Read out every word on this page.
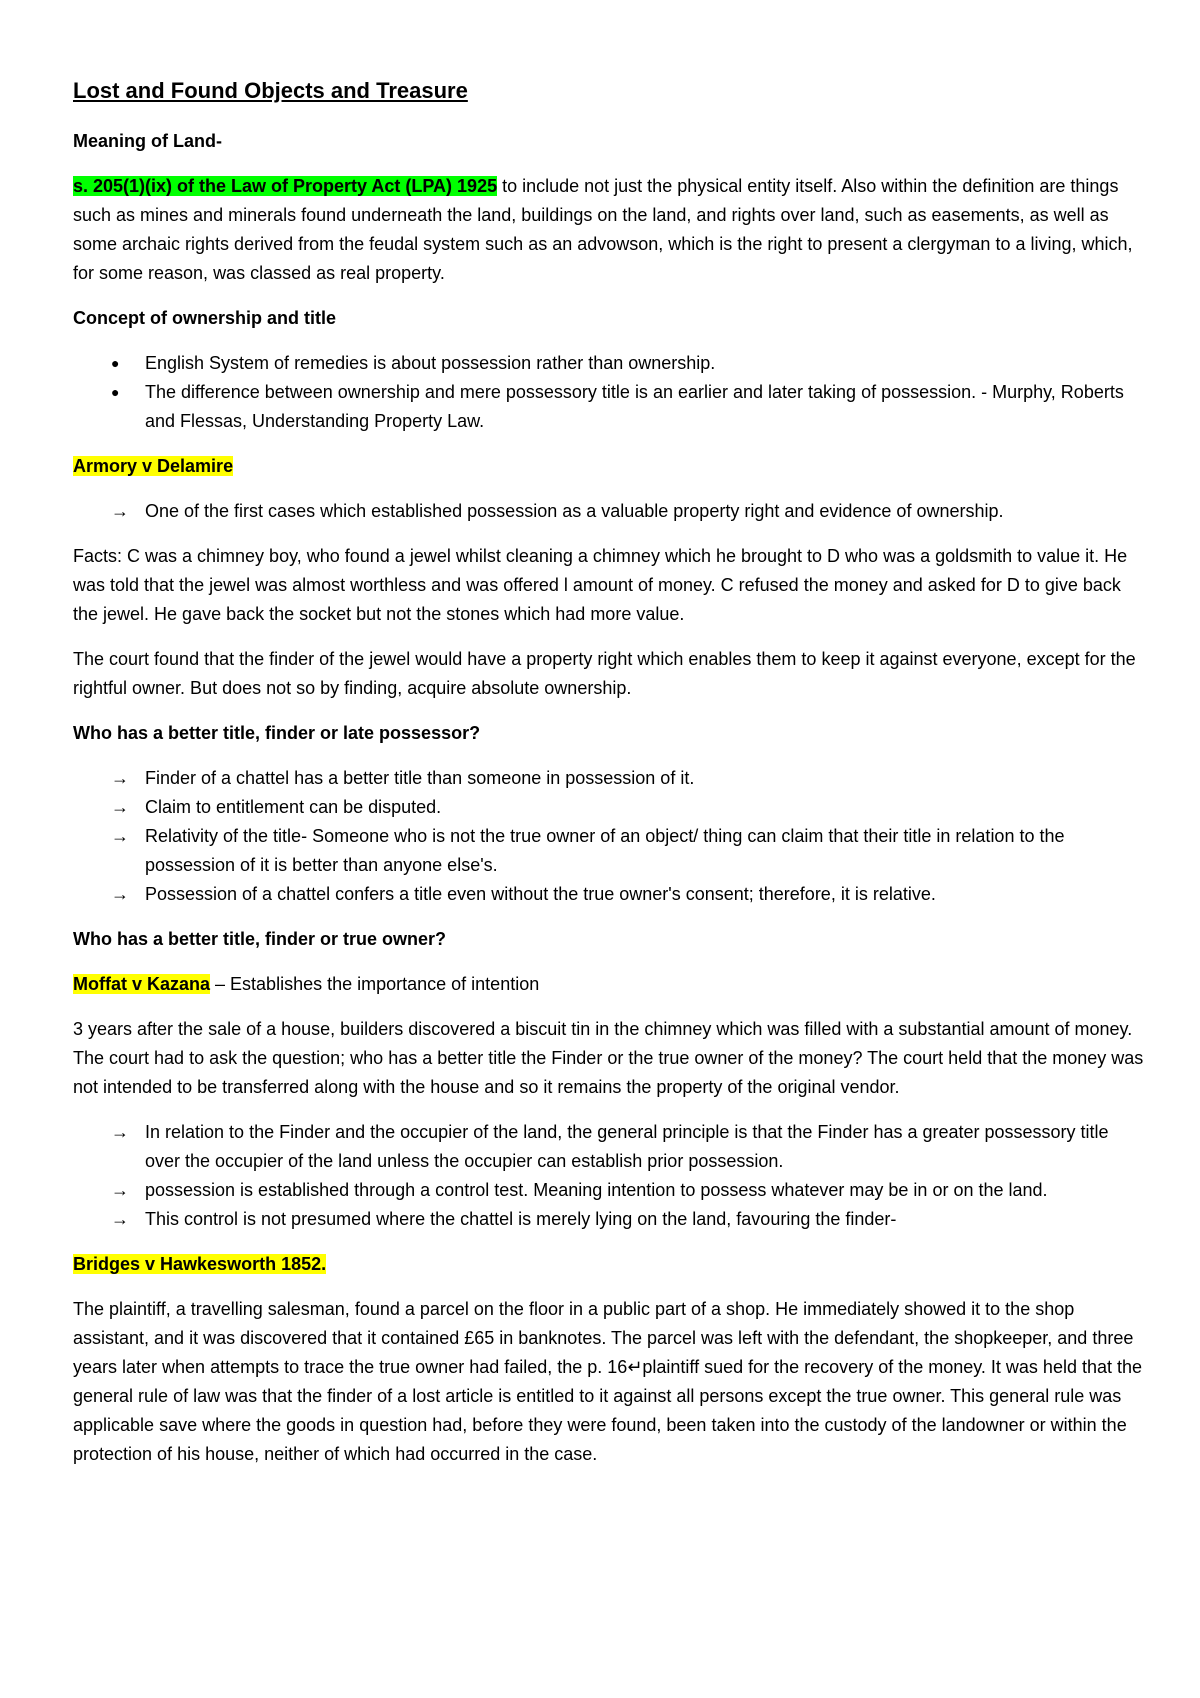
Lost and Found Objects and Treasure

Meaning of Land-

s. 205(1)(ix) of the Law of Property Act (LPA) 1925 to include not just the physical entity itself. Also within the definition are things such as mines and minerals found underneath the land, buildings on the land, and rights over land, such as easements, as well as some archaic rights derived from the feudal system such as an advowson, which is the right to present a clergyman to a living, which, for some reason, was classed as real property.

Concept of ownership and title

●	English System of remedies is about possession rather than ownership.
●	The difference between ownership and mere possessory title is an earlier and later taking of possession. - Murphy, Roberts and Flessas, Understanding Property Law.

Armory v Delamire

→ One of the first cases which established possession as a valuable property right and evidence of ownership.

Facts: C was a chimney boy, who found a jewel whilst cleaning a chimney which he brought to D who was a goldsmith to value it. He was told that the jewel was almost worthless and was offered l amount of money. C refused the money and asked for D to give back the jewel. He gave back the socket but not the stones which had more value.

The court found that the finder of the jewel would have a property right which enables them to keep it against everyone, except for the rightful owner. But does not so by finding, acquire absolute ownership.

Who has a better title, finder or late possessor?

→ Finder of a chattel has a better title than someone in possession of it.
→ Claim to entitlement can be disputed.
→ Relativity of the title- Someone who is not the true owner of an object/ thing can claim that their title in relation to the possession of it is better than anyone else's.
→ Possession of a chattel confers a title even without the true owner's consent; therefore, it is relative.

Who has a better title, finder or true owner?

Moffat v Kazana – Establishes the importance of intention

3 years after the sale of a house, builders discovered a biscuit tin in the chimney which was filled with a substantial amount of money. The court had to ask the question; who has a better title the Finder or the true owner of the money? The court held that the money was not intended to be transferred along with the house and so it remains the property of the original vendor.

→ In relation to the Finder and the occupier of the land, the general principle is that the Finder has a greater possessory title over the occupier of the land unless the occupier can establish prior possession.
→ possession is established through a control test. Meaning intention to possess whatever may be in or on the land.
→ This control is not presumed where the chattel is merely lying on the land, favouring the finder-

Bridges v Hawkesworth 1852.

The plaintiff, a travelling salesman, found a parcel on the floor in a public part of a shop. He immediately showed it to the shop assistant, and it was discovered that it contained £65 in banknotes. The parcel was left with the defendant, the shopkeeper, and three years later when attempts to trace the true owner had failed, the p. 16↵plaintiff sued for the recovery of the money. It was held that the general rule of law was that the finder of a lost article is entitled to it against all persons except the true owner. This general rule was applicable save where the goods in question had, before they were found, been taken into the custody of the landowner or within the protection of his house, neither of which had occurred in the case.
